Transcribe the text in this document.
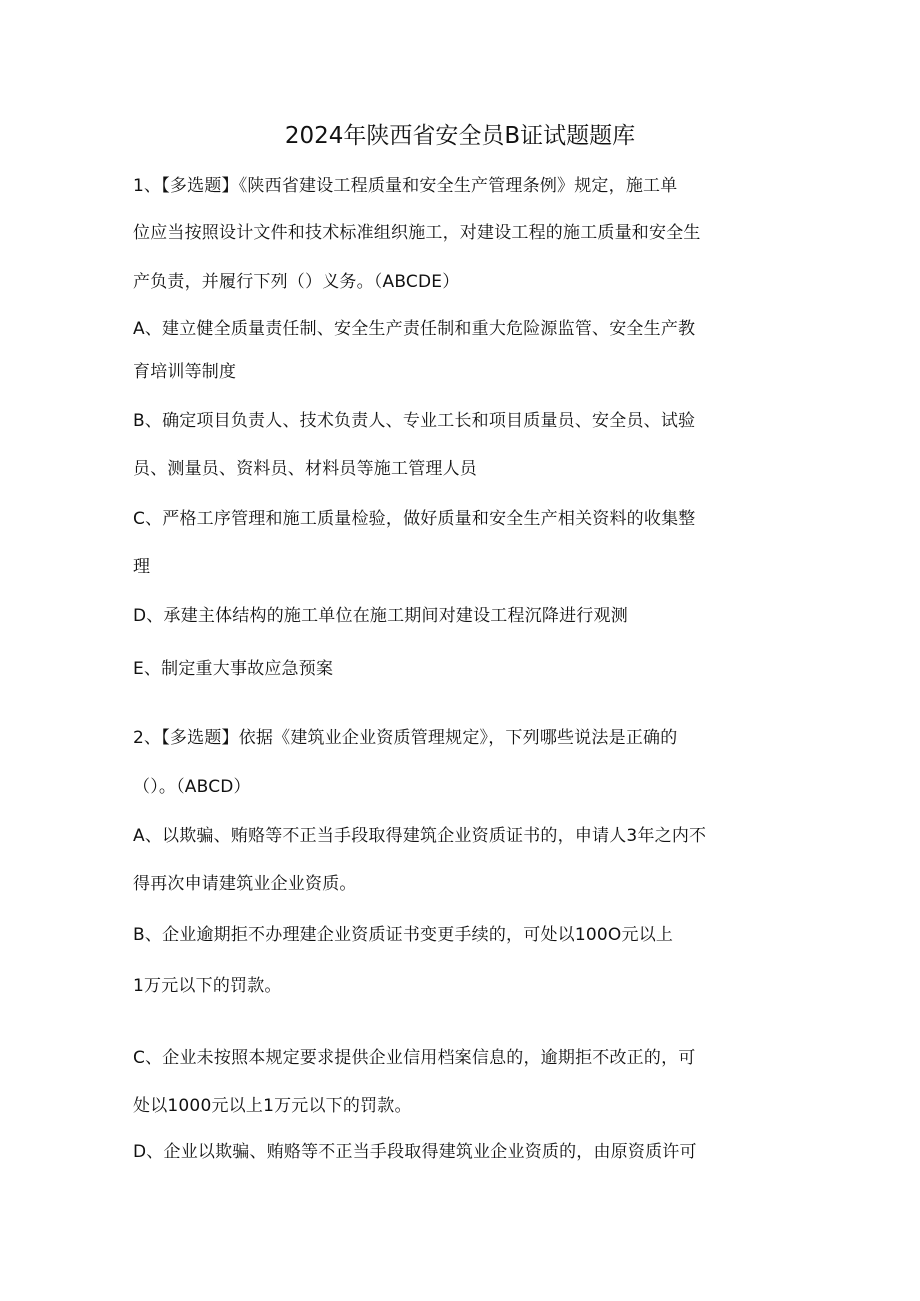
2024年陕西省安全员B证试题题库
1、【多选题】《陕西省建设工程质量和安全生产管理条例》规定，施工单
位应当按照设计文件和技术标准组织施工，对建设工程的施工质量和安全生
产负责，并履行下列（）义务。（ABCDE）
A、建立健全质量责任制、安全生产责任制和重大危险源监管、安全生产教
育培训等制度
B、确定项目负责人、技术负责人、专业工长和项目质量员、安全员、试验
员、测量员、资料员、材料员等施工管理人员
C、严格工序管理和施工质量检验，做好质量和安全生产相关资料的收集整
理
D、承建主体结构的施工单位在施工期间对建设工程沉降进行观测
E、制定重大事故应急预案
2、【多选题】依据《建筑业企业资质管理规定》，下列哪些说法是正确的
（）。（ABCD）
A、以欺骗、贿赂等不正当手段取得建筑企业资质证书的，申请人3年之内不
得再次申请建筑业企业资质。
B、企业逾期拒不办理建企业资质证书变更手续的，可处以100O元以上
1万元以下的罚款。
C、企业未按照本规定要求提供企业信用档案信息的，逾期拒不改正的，可
处以1000元以上1万元以下的罚款。
D、企业以欺骗、贿赂等不正当手段取得建筑业企业资质的，由原资质许可
